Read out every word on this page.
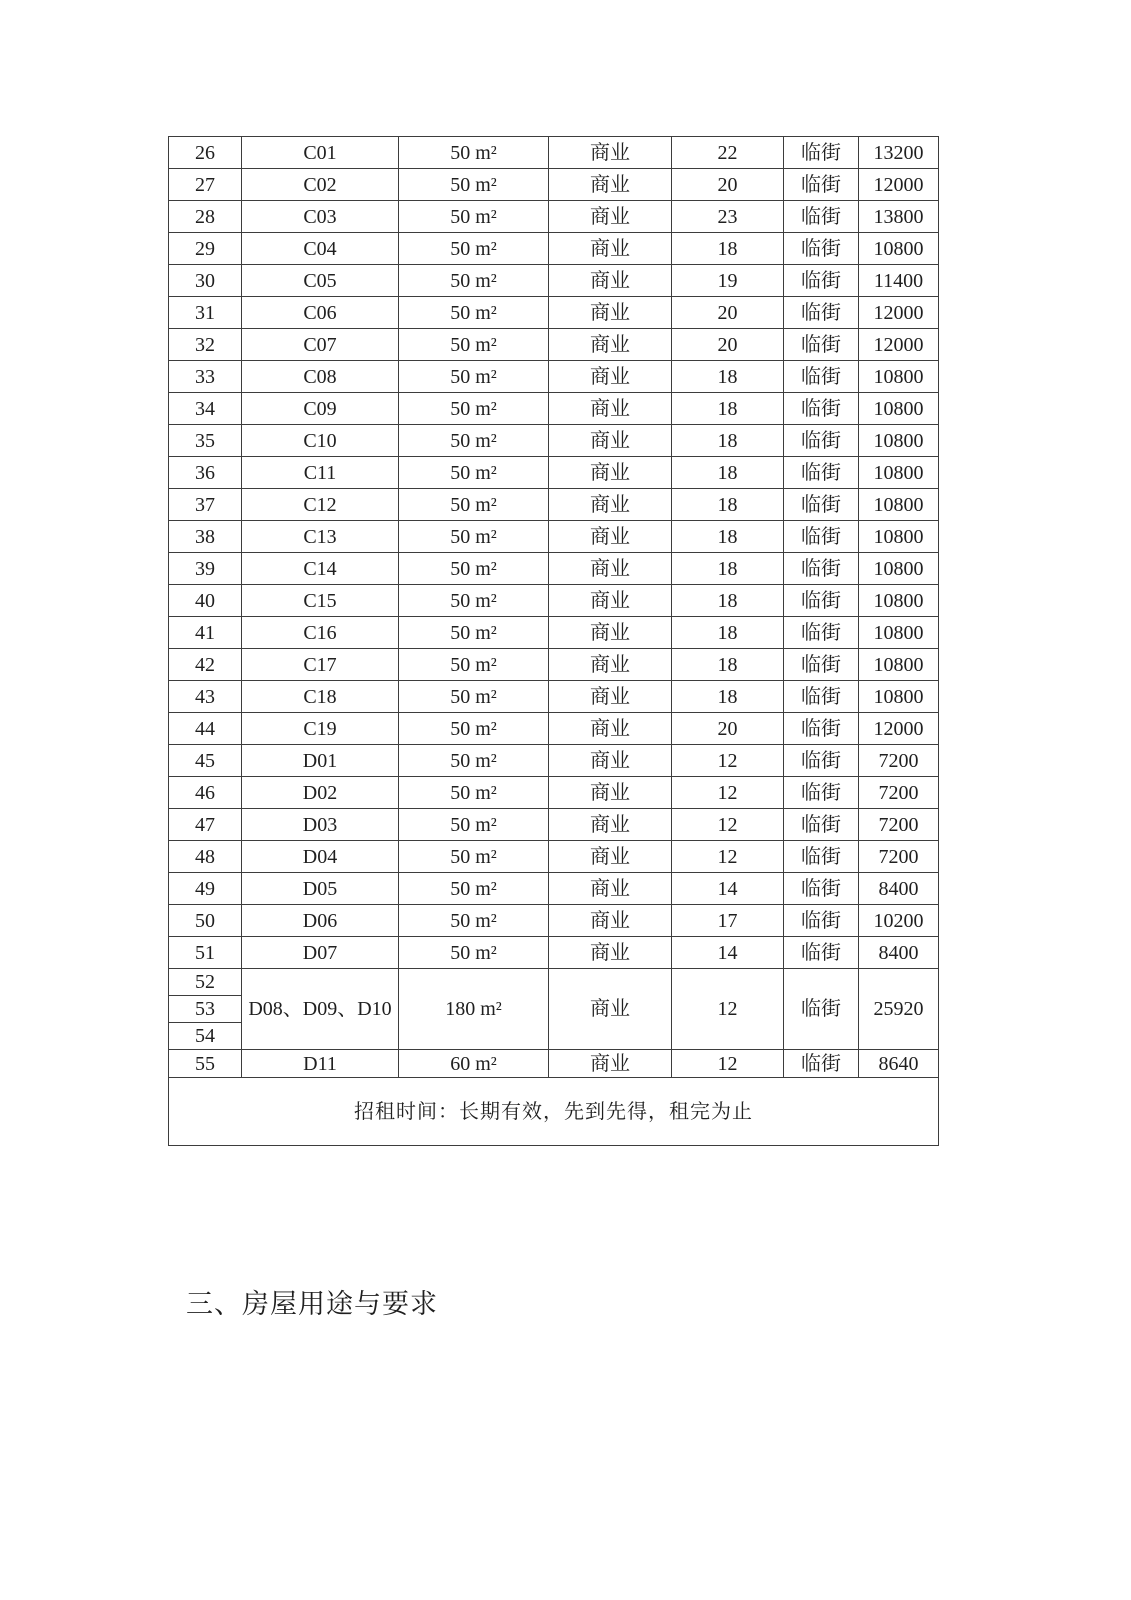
26	C01	50 m²	商业	22	临街	13200
27	C02	50 m²	商业	20	临街	12000
28	C03	50 m²	商业	23	临街	13800
29	C04	50 m²	商业	18	临街	10800
30	C05	50 m²	商业	19	临街	11400
31	C06	50 m²	商业	20	临街	12000
32	C07	50 m²	商业	20	临街	12000
33	C08	50 m²	商业	18	临街	10800
34	C09	50 m²	商业	18	临街	10800
35	C10	50 m²	商业	18	临街	10800
36	C11	50 m²	商业	18	临街	10800
37	C12	50 m²	商业	18	临街	10800
38	C13	50 m²	商业	18	临街	10800
39	C14	50 m²	商业	18	临街	10800
40	C15	50 m²	商业	18	临街	10800
41	C16	50 m²	商业	18	临街	10800
42	C17	50 m²	商业	18	临街	10800
43	C18	50 m²	商业	18	临街	10800
44	C19	50 m²	商业	20	临街	12000
45	D01	50 m²	商业	12	临街	7200
46	D02	50 m²	商业	12	临街	7200
47	D03	50 m²	商业	12	临街	7200
48	D04	50 m²	商业	12	临街	7200
49	D05	50 m²	商业	14	临街	8400
50	D06	50 m²	商业	17	临街	10200
51	D07	50 m²	商业	14	临街	8400
52	D08、D09、D10	180 m²	商业	12	临街	25920
53						
54						
55	D11	60 m²	商业	12	临街	8640
招租时间：长期有效，先到先得，租完为止						
三、房屋用途与要求
